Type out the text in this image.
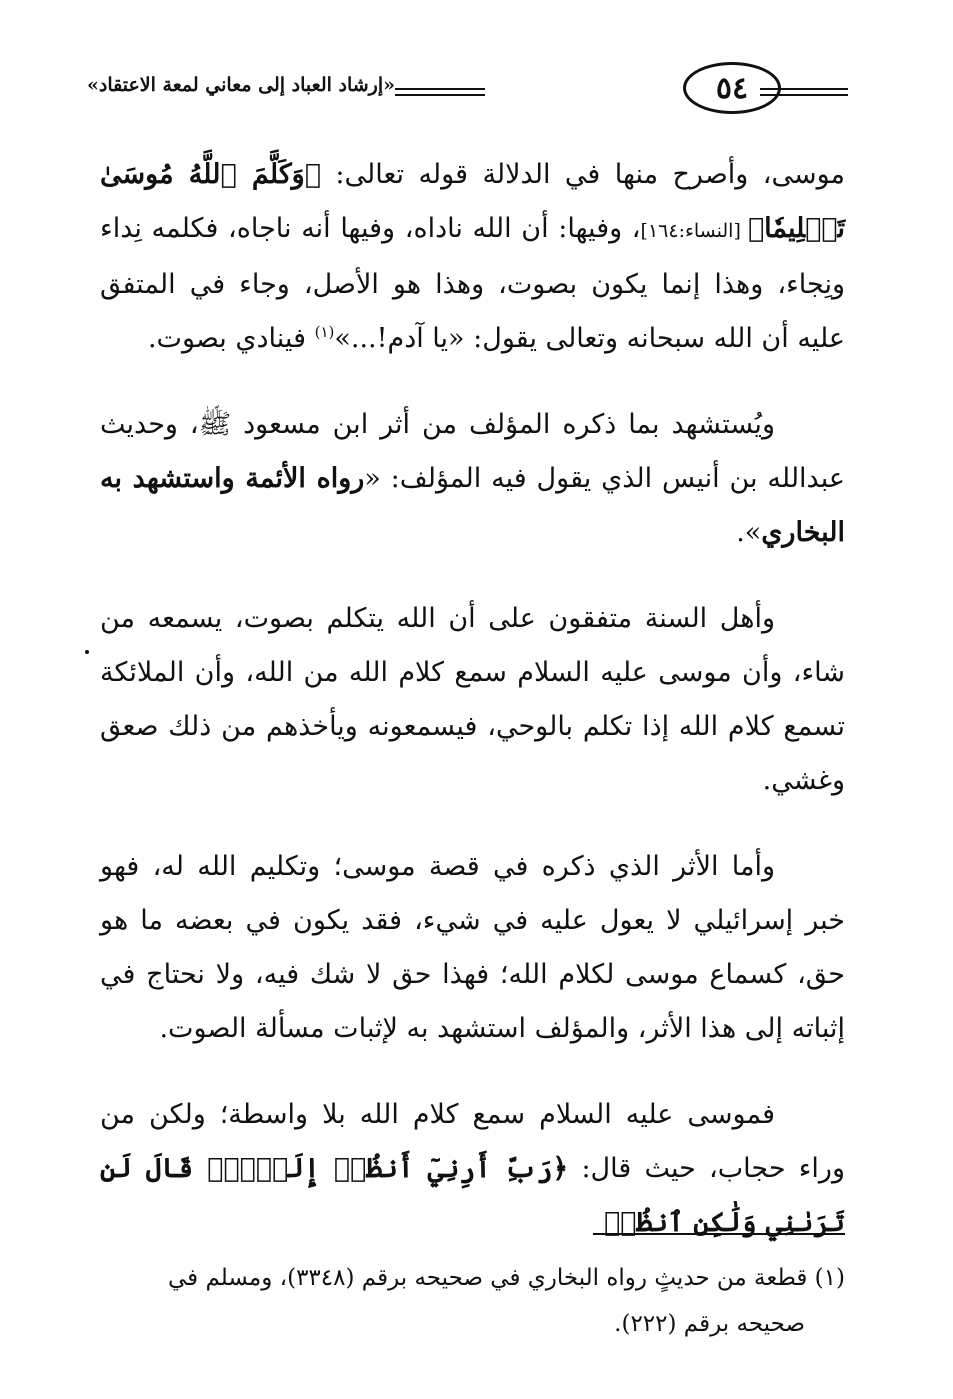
٥٤
«إرشاد العباد إلى معاني لمعة الاعتقاد»

موسى، وأصرح منها في الدلالة قوله تعالى: ﴿وَكَلَّمَ ٱللَّهُ مُوسَىٰ تَكۡلِيمٗا﴾ [النساء:١٦٤]، وفيها: أن الله ناداه، وفيها أنه ناجاه، فكلمه نِداء ونِجاء، وهذا إنما يكون بصوت، وهذا هو الأصل، وجاء في المتفق عليه أن الله سبحانه وتعالى يقول: «يا آدم!...»$^{(١)}$ فينادي بصوت.

ويُستشهد بما ذكره المؤلف من أثر ابن مسعود ﷺ، وحديث عبدالله بن أنيس الذي يقول فيه المؤلف: «رواه الأئمة واستشهد به البخاري».

وأهل السنة متفقون على أن الله يتكلم بصوت، يسمعه من شاء، وأن موسى عليه السلام سمع كلام الله من الله، وأن الملائكة تسمع كلام الله إذا تكلم بالوحي، فيسمعونه ويأخذهم من ذلك صعق وغشي.

وأما الأثر الذي ذكره في قصة موسى؛ وتكليم الله له، فهو خبر إسرائيلي لا يعول عليه في شيء، فقد يكون في بعضه ما هو حق، كسماع موسى لكلام الله؛ فهذا حق لا شك فيه، ولا نحتاج في إثباته إلى هذا الأثر، والمؤلف استشهد به لإثبات مسألة الصوت.

فموسى عليه السلام سمع كلام الله بلا واسطة؛ ولكن من وراء حجاب، حيث قال: ﴿رَبِّ أَرِنِيٓ أَنظُرۡ إِلَيۡكَۚ قَالَ لَن تَرَىٰنِي وَلَٰكِنِ ٱنظُرۡ

(١) قطعة من حديثٍ رواه البخاري في صحيحه برقم (٣٣٤٨)، ومسلم في
صحيحه برقم (٢٢٢).
